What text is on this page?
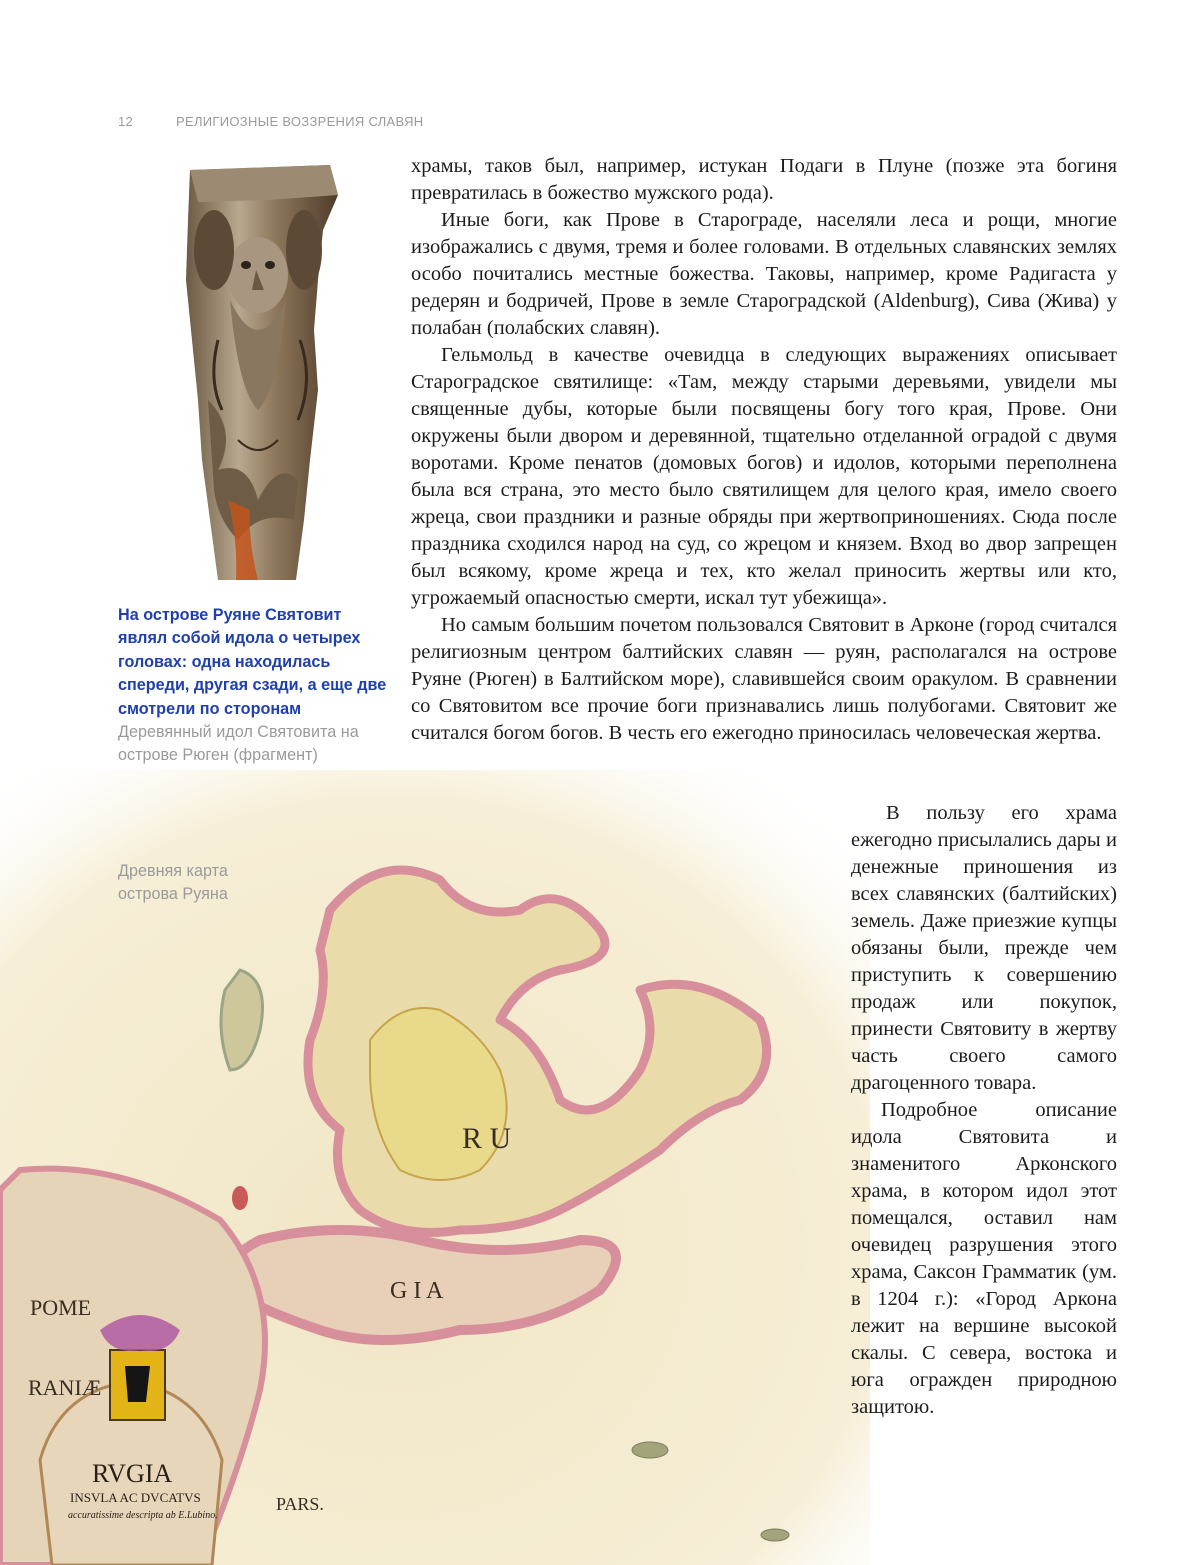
12	РЕЛИГИОЗНЫЕ ВОЗЗРЕНИЯ СЛАВЯН
На острове Руяне Святовит являл собой идола о четырех головах: одна находилась спереди, другая сзади, а еще две смотрели по сторонам
Деревянный идол Святовита на острове Рюген (фрагмент)
R U
G I A
POME
RANIÆ
PARS.
RVGIA
INSVLA AC DVCATVS
accuratissime descripta ab E.Lubino.
Древняя карта острова Руяна

храмы, таков был, например, истукан Подаги в Плуне (позже эта богиня превратилась в божество мужского рода).

Иные боги, как Прове в Старограде, населяли леса и рощи, многие изображались с двумя, тремя и более головами. В отдельных славянских землях особо почитались местные божества. Таковы, например, кроме Радигаста у редерян и бодричей, Прове в земле Старогрaдской (Aldenburg), Сива (Жива) у полабан (полабских славян).

Гельмольд в качестве очевидца в следующих выражениях описывает Староградское святилище: «Там, между старыми деревьями, увидели мы священные дубы, которые были посвящены богу того края, Прове. Они окружены были двором и деревянной, тщательно отделанной оградой с двумя воротами. Кроме пенатов (домовых богов) и идолов, которыми переполнена была вся страна, это место было святилищем для целого края, имело своего жреца, свои праздники и разные обряды при жертвоприношениях. Сюда после праздника сходился народ на суд, со жрецом и князем. Вход во двор запрещен был всякому, кроме жреца и тех, кто желал приносить жертвы или кто, угрожаемый опасностью смерти, искал тут убежища».

Но самым большим почетом пользовался Святовит в Арконе (город считался религиозным центром балтийских славян — руян, располагался на острове Руяне (Рюген) в Балтийском море), славившейся своим оракулом. В сравнении со Святовитом все прочие боги признавались лишь полубогами. Святовит же считался богом богов. В честь его ежегодно приносилась человеческая жертва.

В пользу его храма ежегодно присылались дары и денежные приношения из всех славянских (балтийских) земель. Даже приезжие купцы обязаны были, прежде чем приступить к совершению продаж или покупок, принести Святовиту в жертву часть своего самого драгоценного товара.

Подробное описание идола Святовита и знаменитого Арконского храма, в котором идол этот помещался, оставил нам очевидец разрушения этого храма, Саксон Грамматик (ум. в 1204 г.): «Город Аркона лежит на вершине высокой скалы. С севера, востока и юга огражден природною защитою.
